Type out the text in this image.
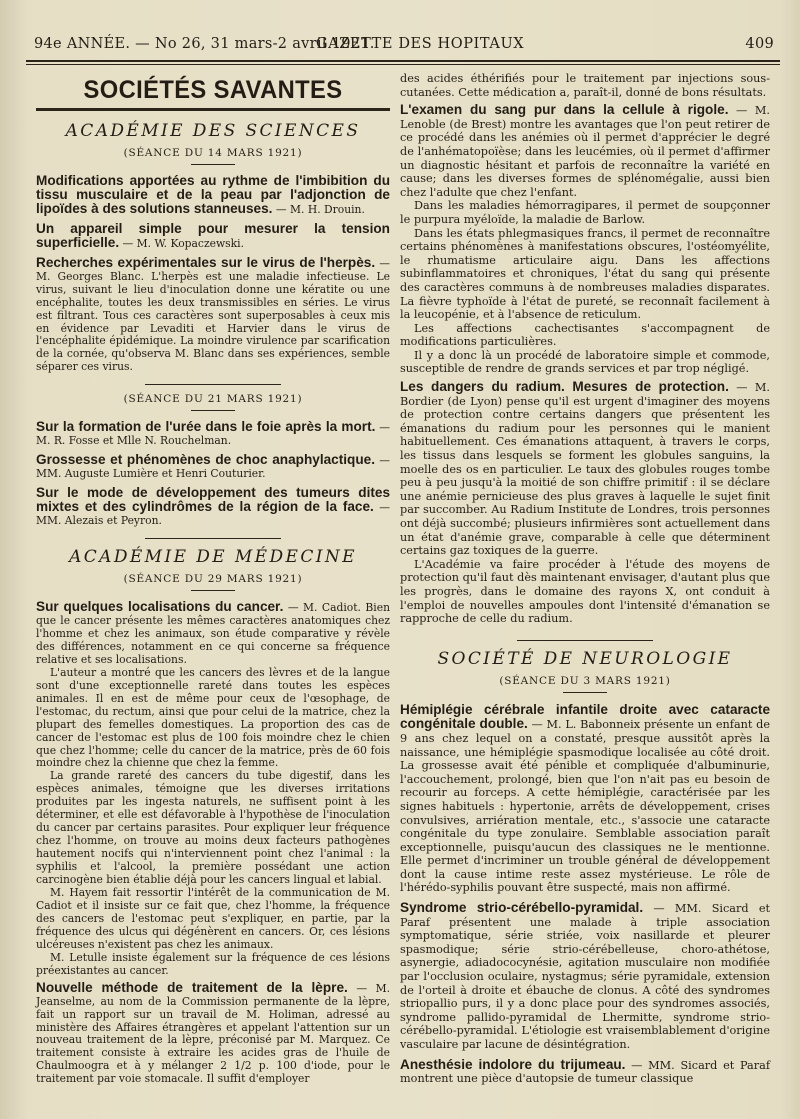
94e ANNÉE. — No 26, 31 mars-2 avril 1921.
GAZETTE DES HOPITAUX	409
SOCIÉTÉS SAVANTES
ACADÉMIE DES SCIENCES
(SÉANCE DU 14 MARS 1921)

Modifications apportées au rythme de l'imbibition du tissu musculaire et de la peau par l'adjonction de lipoïdes à des solutions stanneuses. — M. H. Drouin.

Un appareil simple pour mesurer la tension superficielle. — M. W. Kopaczewski.

Recherches expérimentales sur le virus de l'herpès. — M. Georges Blanc. L'herpès est une maladie infectieuse. Le virus, suivant le lieu d'inoculation donne une kératite ou une encéphalite, toutes les deux transmissibles en séries. Le virus est filtrant. Tous ces caractères sont superposables à ceux mis en évidence par Levaditi et Harvier dans le virus de l'encéphalite épidémique. La moindre virulence par scarification de la cornée, qu'observa M. Blanc dans ses expériences, semble séparer ces virus.

(SÉANCE DU 21 MARS 1921)

Sur la formation de l'urée dans le foie après la mort. — M. R. Fosse et Mlle N. Rouchelman.

Grossesse et phénomènes de choc anaphylactique. — MM. Auguste Lumière et Henri Couturier.

Sur le mode de développement des tumeurs dites mixtes et des cylindrômes de la région de la face. — MM. Alezais et Peyron.

ACADÉMIE DE MÉDECINE
(SÉANCE DU 29 MARS 1921)

Sur quelques localisations du cancer. — M. Cadiot. Bien que le cancer présente les mêmes caractères anatomiques chez l'homme et chez les animaux, son étude comparative y révèle des différences, notamment en ce qui concerne sa fréquence relative et ses localisations.

L'auteur a montré que les cancers des lèvres et de la langue sont d'une exceptionnelle rareté dans toutes les espèces animales. Il en est de même pour ceux de l'œsophage, de l'estomac, du rectum, ainsi que pour celui de la matrice, chez la plupart des femelles domestiques. La proportion des cas de cancer de l'estomac est plus de 100 fois moindre chez le chien que chez l'homme; celle du cancer de la matrice, près de 60 fois moindre chez la chienne que chez la femme.

La grande rareté des cancers du tube digestif, dans les espèces animales, témoigne que les diverses irritations produites par les ingesta naturels, ne suffisent point à les déterminer, et elle est défavorable à l'hypothèse de l'inoculation du cancer par certains parasites. Pour expliquer leur fréquence chez l'homme, on trouve au moins deux facteurs pathogènes hautement nocifs qui n'interviennent point chez l'animal : la syphilis et l'alcool, la première possédant une action carcinogène bien établie déjà pour les cancers lingual et labial.

M. Hayem fait ressortir l'intérêt de la communication de M. Cadiot et il insiste sur ce fait que, chez l'homme, la fréquence des cancers de l'estomac peut s'expliquer, en partie, par la fréquence des ulcus qui dégénèrent en cancers. Or, ces lésions ulcéreuses n'existent pas chez les animaux.

M. Letulle insiste également sur la fréquence de ces lésions préexistantes au cancer.

Nouvelle méthode de traitement de la lèpre. — M. Jeanselme, au nom de la Commission permanente de la lèpre, fait un rapport sur un travail de M. Holiman, adressé au ministère des Affaires étrangères et appelant l'attention sur un nouveau traitement de la lèpre, préconisé par M. Marquez. Ce traitement consiste à extraire les acides gras de l'huile de Chaulmoogra et à y mélanger 2 1/2 p. 100 d'iode, pour le traitement par voie stomacale. Il suffit d'employer

des acides éthérifiés pour le traitement par injections sous-cutanées. Cette médication a, paraît-il, donné de bons résultats.

L'examen du sang pur dans la cellule à rigole. — M. Lenoble (de Brest) montre les avantages que l'on peut retirer de ce procédé dans les anémies où il permet d'apprécier le degré de l'anhématopoïèse; dans les leucémies, où il permet d'affirmer un diagnostic hésitant et parfois de reconnaître la variété en cause; dans les diverses formes de splénomégalie, aussi bien chez l'adulte que chez l'enfant.

Dans les maladies hémorragipares, il permet de soupçonner le purpura myéloïde, la maladie de Barlow.

Dans les états phlegmasiques francs, il permet de reconnaître certains phénomènes à manifestations obscures, l'ostéomyélite, le rhumatisme articulaire aigu. Dans les affections subinflammatoires et chroniques, l'état du sang qui présente des caractères communs à de nombreuses maladies disparates. La fièvre typhoïde à l'état de pureté, se reconnaît facilement à la leucopénie, et à l'absence de reticulum.

Les affections cachectisantes s'accompagnent de modifications particulières.

Il y a donc là un procédé de laboratoire simple et commode, susceptible de rendre de grands services et par trop négligé.

Les dangers du radium. Mesures de protection. — M. Bordier (de Lyon) pense qu'il est urgent d'imaginer des moyens de protection contre certains dangers que présentent les émanations du radium pour les personnes qui le manient habituellement. Ces émanations attaquent, à travers le corps, les tissus dans lesquels se forment les globules sanguins, la moelle des os en particulier. Le taux des globules rouges tombe peu à peu jusqu'à la moitié de son chiffre primitif : il se déclare une anémie pernicieuse des plus graves à laquelle le sujet finit par succomber. Au Radium Institute de Londres, trois personnes ont déjà succombé; plusieurs infirmières sont actuellement dans un état d'anémie grave, comparable à celle que déterminent certains gaz toxiques de la guerre.

L'Académie va faire procéder à l'étude des moyens de protection qu'il faut dès maintenant envisager, d'autant plus que les progrès, dans le domaine des rayons X, ont conduit à l'emploi de nouvelles ampoules dont l'intensité d'émanation se rapproche de celle du radium.

SOCIÉTÉ DE NEUROLOGIE
(SÉANCE DU 3 MARS 1921)

Hémiplégie cérébrale infantile droite avec cataracte congénitale double. — M. L. Babonneix présente un enfant de 9 ans chez lequel on a constaté, presque aussitôt après la naissance, une hémiplégie spasmodique localisée au côté droit. La grossesse avait été pénible et compliquée d'albuminurie, l'accouchement, prolongé, bien que l'on n'ait pas eu besoin de recourir au forceps. A cette hémiplégie, caractérisée par les signes habituels : hypertonie, arrêts de développement, crises convulsives, arriération mentale, etc., s'associe une cataracte congénitale du type zonulaire. Semblable association paraît exceptionnelle, puisqu'aucun des classiques ne le mentionne. Elle permet d'incriminer un trouble général de développement dont la cause intime reste assez mystérieuse. Le rôle de l'hérédo-syphilis pouvant être suspecté, mais non affirmé.

Syndrome strio-cérébello-pyramidal. — MM. Sicard et Paraf présentent une malade à triple association symptomatique, série striée, voix nasillarde et pleurer spasmodique; série strio-cérébelleuse, choro-athétose, asynergie, adiadococynésie, agitation musculaire non modifiée par l'occlusion oculaire, nystagmus; série pyramidale, extension de l'orteil à droite et ébauche de clonus. A côté des syndromes striopallio purs, il y a donc place pour des syndromes associés, syndrome pallido-pyramidal de Lhermitte, syndrome strio-cérébello-pyramidal. L'étiologie est vraisemblablement d'origine vasculaire par lacune de désintégration.

Anesthésie indolore du trijumeau. — MM. Sicard et Paraf montrent une pièce d'autopsie de tumeur classique
